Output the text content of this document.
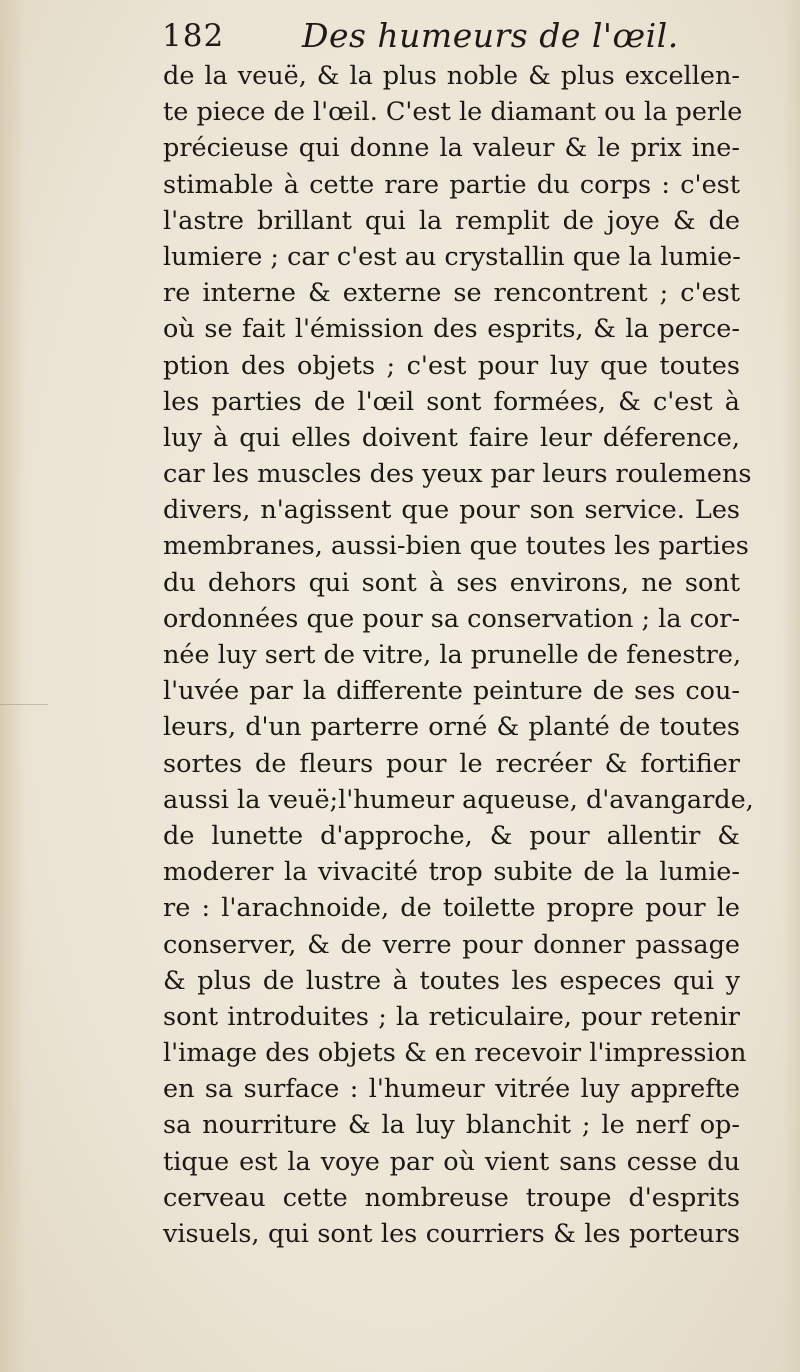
182 Des humeurs de l'œil.
de la veuë, & la plus noble & plus excellen-
te piece de l'œil. C'est le diamant ou la perle
précieuse qui donne la valeur & le prix ine-
stimable à cette rare partie du corps : c'est
l'astre brillant qui la remplit de joye & de
lumiere ; car c'est au crystallin que la lumie-
re interne & externe se rencontrent ; c'est
où se fait l'émission des esprits, & la perce-
ption des objets ; c'est pour luy que toutes
les parties de l'œil sont formées, & c'est à
luy à qui elles doivent faire leur déference,
car les muscles des yeux par leurs roulemens
divers, n'agissent que pour son service. Les
membranes, aussi-bien que toutes les parties
du dehors qui sont à ses environs, ne sont
ordonnées que pour sa conservation ; la cor-
née luy sert de vitre, la prunelle de fenestre,
l'uvée par la differente peinture de ses cou-
leurs, d'un parterre orné & planté de toutes
sortes de fleurs pour le recréer & fortifier
aussi la veuë;l'humeur aqueuse, d'avangarde,
de lunette d'approche, & pour allentir &
moderer la vivacité trop subite de la lumie-
re : l'arachnoide, de toilette propre pour le
conserver, & de verre pour donner passage
& plus de lustre à toutes les especes qui y
sont introduites ; la reticulaire, pour retenir
l'image des objets & en recevoir l'impression
en sa surface : l'humeur vitrée luy apprefte
sa nourriture & la luy blanchit ; le nerf op-
tique est la voye par où vient sans cesse du
cerveau cette nombreuse troupe d'esprits
visuels, qui sont les courriers & les porteurs
